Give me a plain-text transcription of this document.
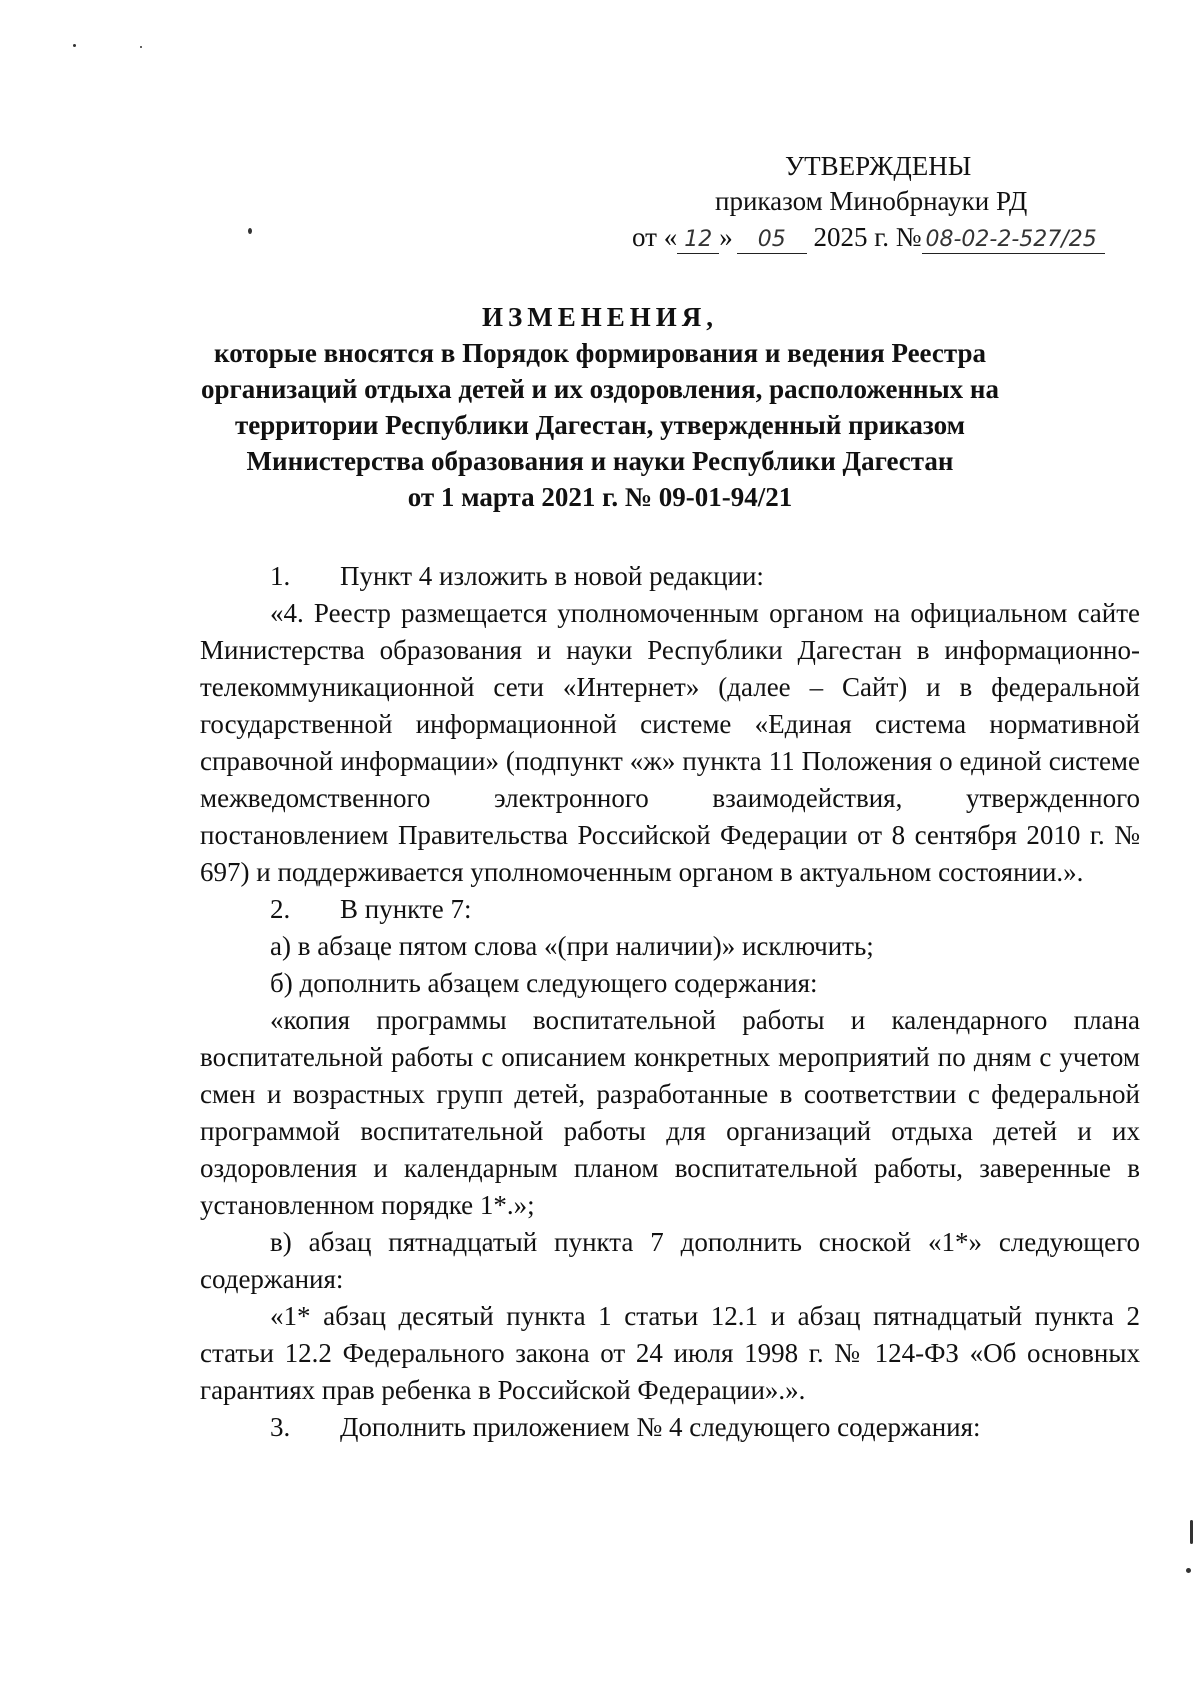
УТВЕРЖДЕНЫ
приказом Минобрнауки РД
от « 12 » 05 2025 г. № 08-02-2-527/25
ИЗМЕНЕНИЯ,
которые вносятся в Порядок формирования и ведения Реестра
организаций отдыха детей и их оздоровления, расположенных на
территории Республики Дагестан, утвержденный приказом
Министерства образования и науки Республики Дагестан
от 1 марта 2021 г. № 09-01-94/21

1. Пункт 4 изложить в новой редакции:

«4. Реестр размещается уполномоченным органом на официальном сайте Министерства образования и науки Республики Дагестан в информационно-телекоммуникационной сети «Интернет» (далее – Сайт) и в федеральной государственной информационной системе «Единая система нормативной справочной информации» (подпункт «ж» пункта 11 Положения о единой системе межведомственного электронного взаимодействия, утвержденного постановлением Правительства Российской Федерации от 8 сентября 2010 г. № 697) и поддерживается уполномоченным органом в актуальном состоянии.».

2. В пункте 7:

а) в абзаце пятом слова «(при наличии)» исключить;

б) дополнить абзацем следующего содержания:

«копия программы воспитательной работы и календарного плана воспитательной работы с описанием конкретных мероприятий по дням с учетом смен и возрастных групп детей, разработанные в соответствии с федеральной программой воспитательной работы для организаций отдыха детей и их оздоровления и календарным планом воспитательной работы, заверенные в установленном порядке 1*.»;

в) абзац пятнадцатый пункта 7 дополнить сноской «1*» следующего содержания:

«1* абзац десятый пункта 1 статьи 12.1 и абзац пятнадцатый пункта 2 статьи 12.2 Федерального закона от 24 июля 1998 г. № 124-ФЗ «Об основных гарантиях прав ребенка в Российской Федерации».».

3. Дополнить приложением № 4 следующего содержания:
